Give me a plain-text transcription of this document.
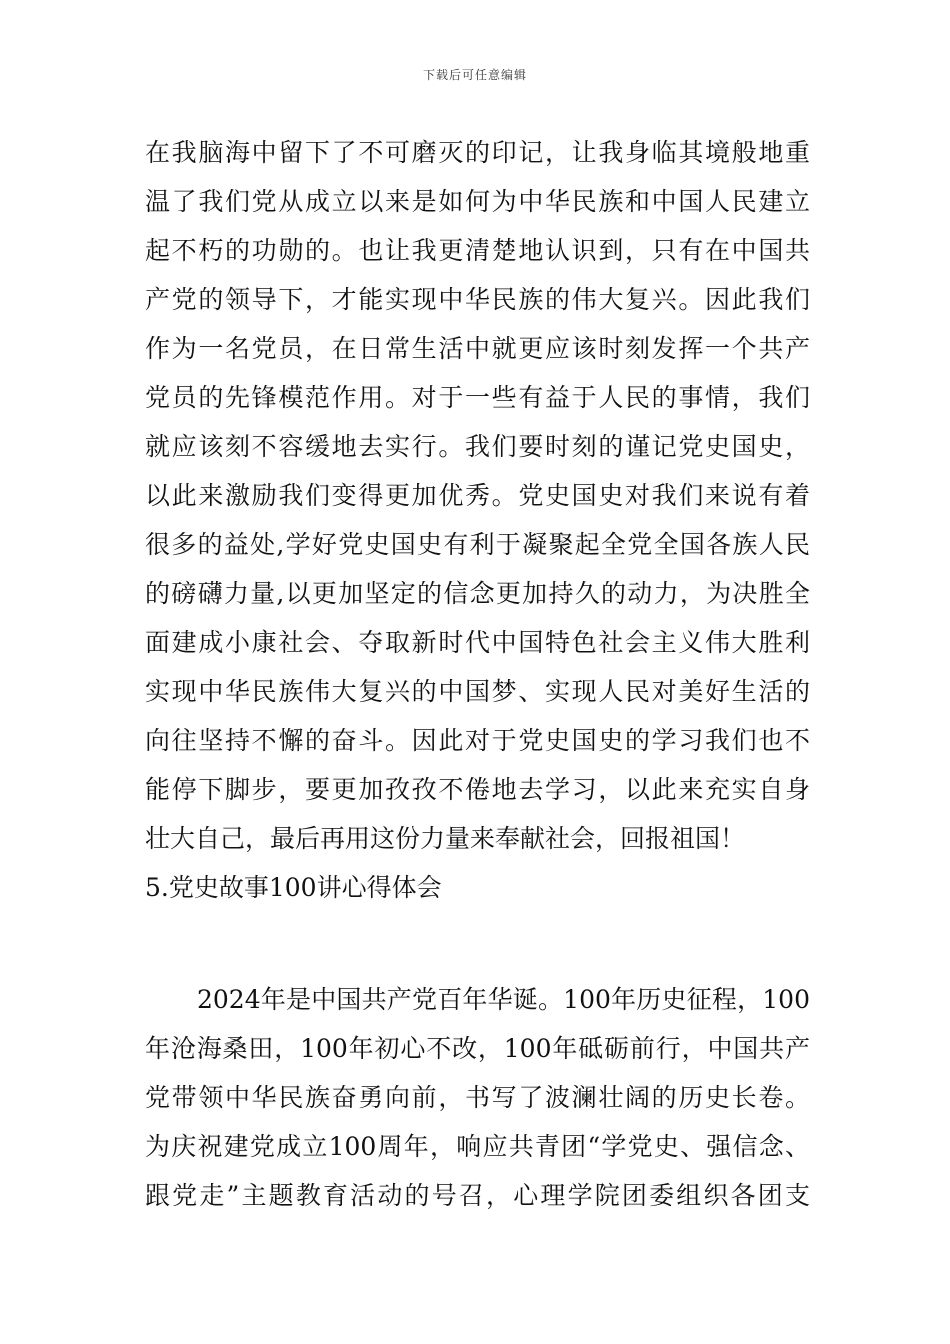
下载后可任意编辑
在我脑海中留下了不可磨灭的印记，让我身临其境般地重
温了我们党从成立以来是如何为中华民族和中国人民建立
起不朽的功勋的。也让我更清楚地认识到，只有在中国共
产党的领导下，才能实现中华民族的伟大复兴。因此我们
作为一名党员，在日常生活中就更应该时刻发挥一个共产
党员的先锋模范作用。对于一些有益于人民的事情，我们
就应该刻不容缓地去实行。我们要时刻的谨记党史国史，
以此来激励我们变得更加优秀。党史国史对我们来说有着
很多的益处,学好党史国史有利于凝聚起全党全国各族人民
的磅礴力量,以更加坚定的信念更加持久的动力，为决胜全
面建成小康社会、夺取新时代中国特色社会主义伟大胜利
实现中华民族伟大复兴的中国梦、实现人民对美好生活的
向往坚持不懈的奋斗。因此对于党史国史的学习我们也不
能停下脚步，要更加孜孜不倦地去学习，以此来充实自身
壮大自己，最后再用这份力量来奉献社会，回报祖国！
5.党史故事100讲心得体会
2024年是中国共产党百年华诞。100年历史征程，100
年沧海桑田，100年初心不改，100年砥砺前行，中国共产
党带领中华民族奋勇向前，书写了波澜壮阔的历史长卷。
为庆祝建党成立100周年，响应共青团“学党史、强信念、
跟党走”主题教育活动的号召，心理学院团委组织各团支
